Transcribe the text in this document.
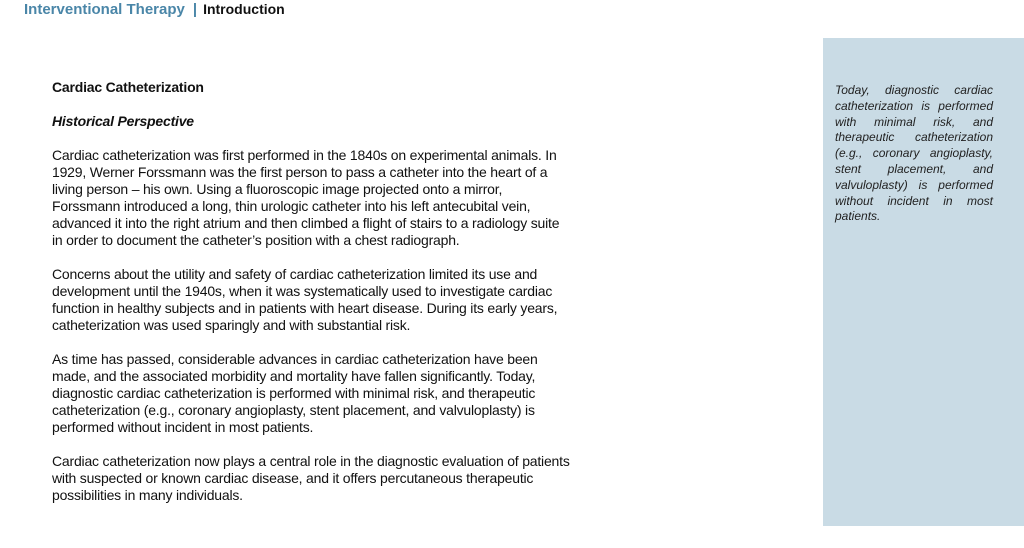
Interventional Therapy | Introduction

Cardiac Catheterization

Historical Perspective

Cardiac catheterization was first performed in the 1840s on experimental animals. In 1929, Werner Forssmann was the first person to pass a catheter into the heart of a living person – his own. Using a fluoroscopic image projected onto a mirror, Forssmann introduced a long, thin urologic catheter into his left antecubital vein, advanced it into the right atrium and then climbed a flight of stairs to a radiology suite in order to document the catheter’s position with a chest radiograph.

Concerns about the utility and safety of cardiac catheterization limited its use and development until the 1940s, when it was systematically used to investigate cardiac function in healthy subjects and in patients with heart disease. During its early years, catheterization was used sparingly and with substantial risk.

As time has passed, considerable advances in cardiac catheterization have been made, and the associated morbidity and mortality have fallen significantly. Today, diagnostic cardiac catheterization is performed with minimal risk, and therapeutic catheterization (e.g., coronary angioplasty, stent placement, and valvuloplasty) is performed without incident in most patients.

Cardiac catheterization now plays a central role in the diagnostic evaluation of patients with suspected or known cardiac disease, and it offers percutaneous therapeutic possibilities in many individuals.

Today, diagnostic cardiac catheterization is performed with minimal risk, and therapeutic catheterization (e.g., coronary angioplasty, stent placement, and valvuloplasty) is performed without incident in most patients.
